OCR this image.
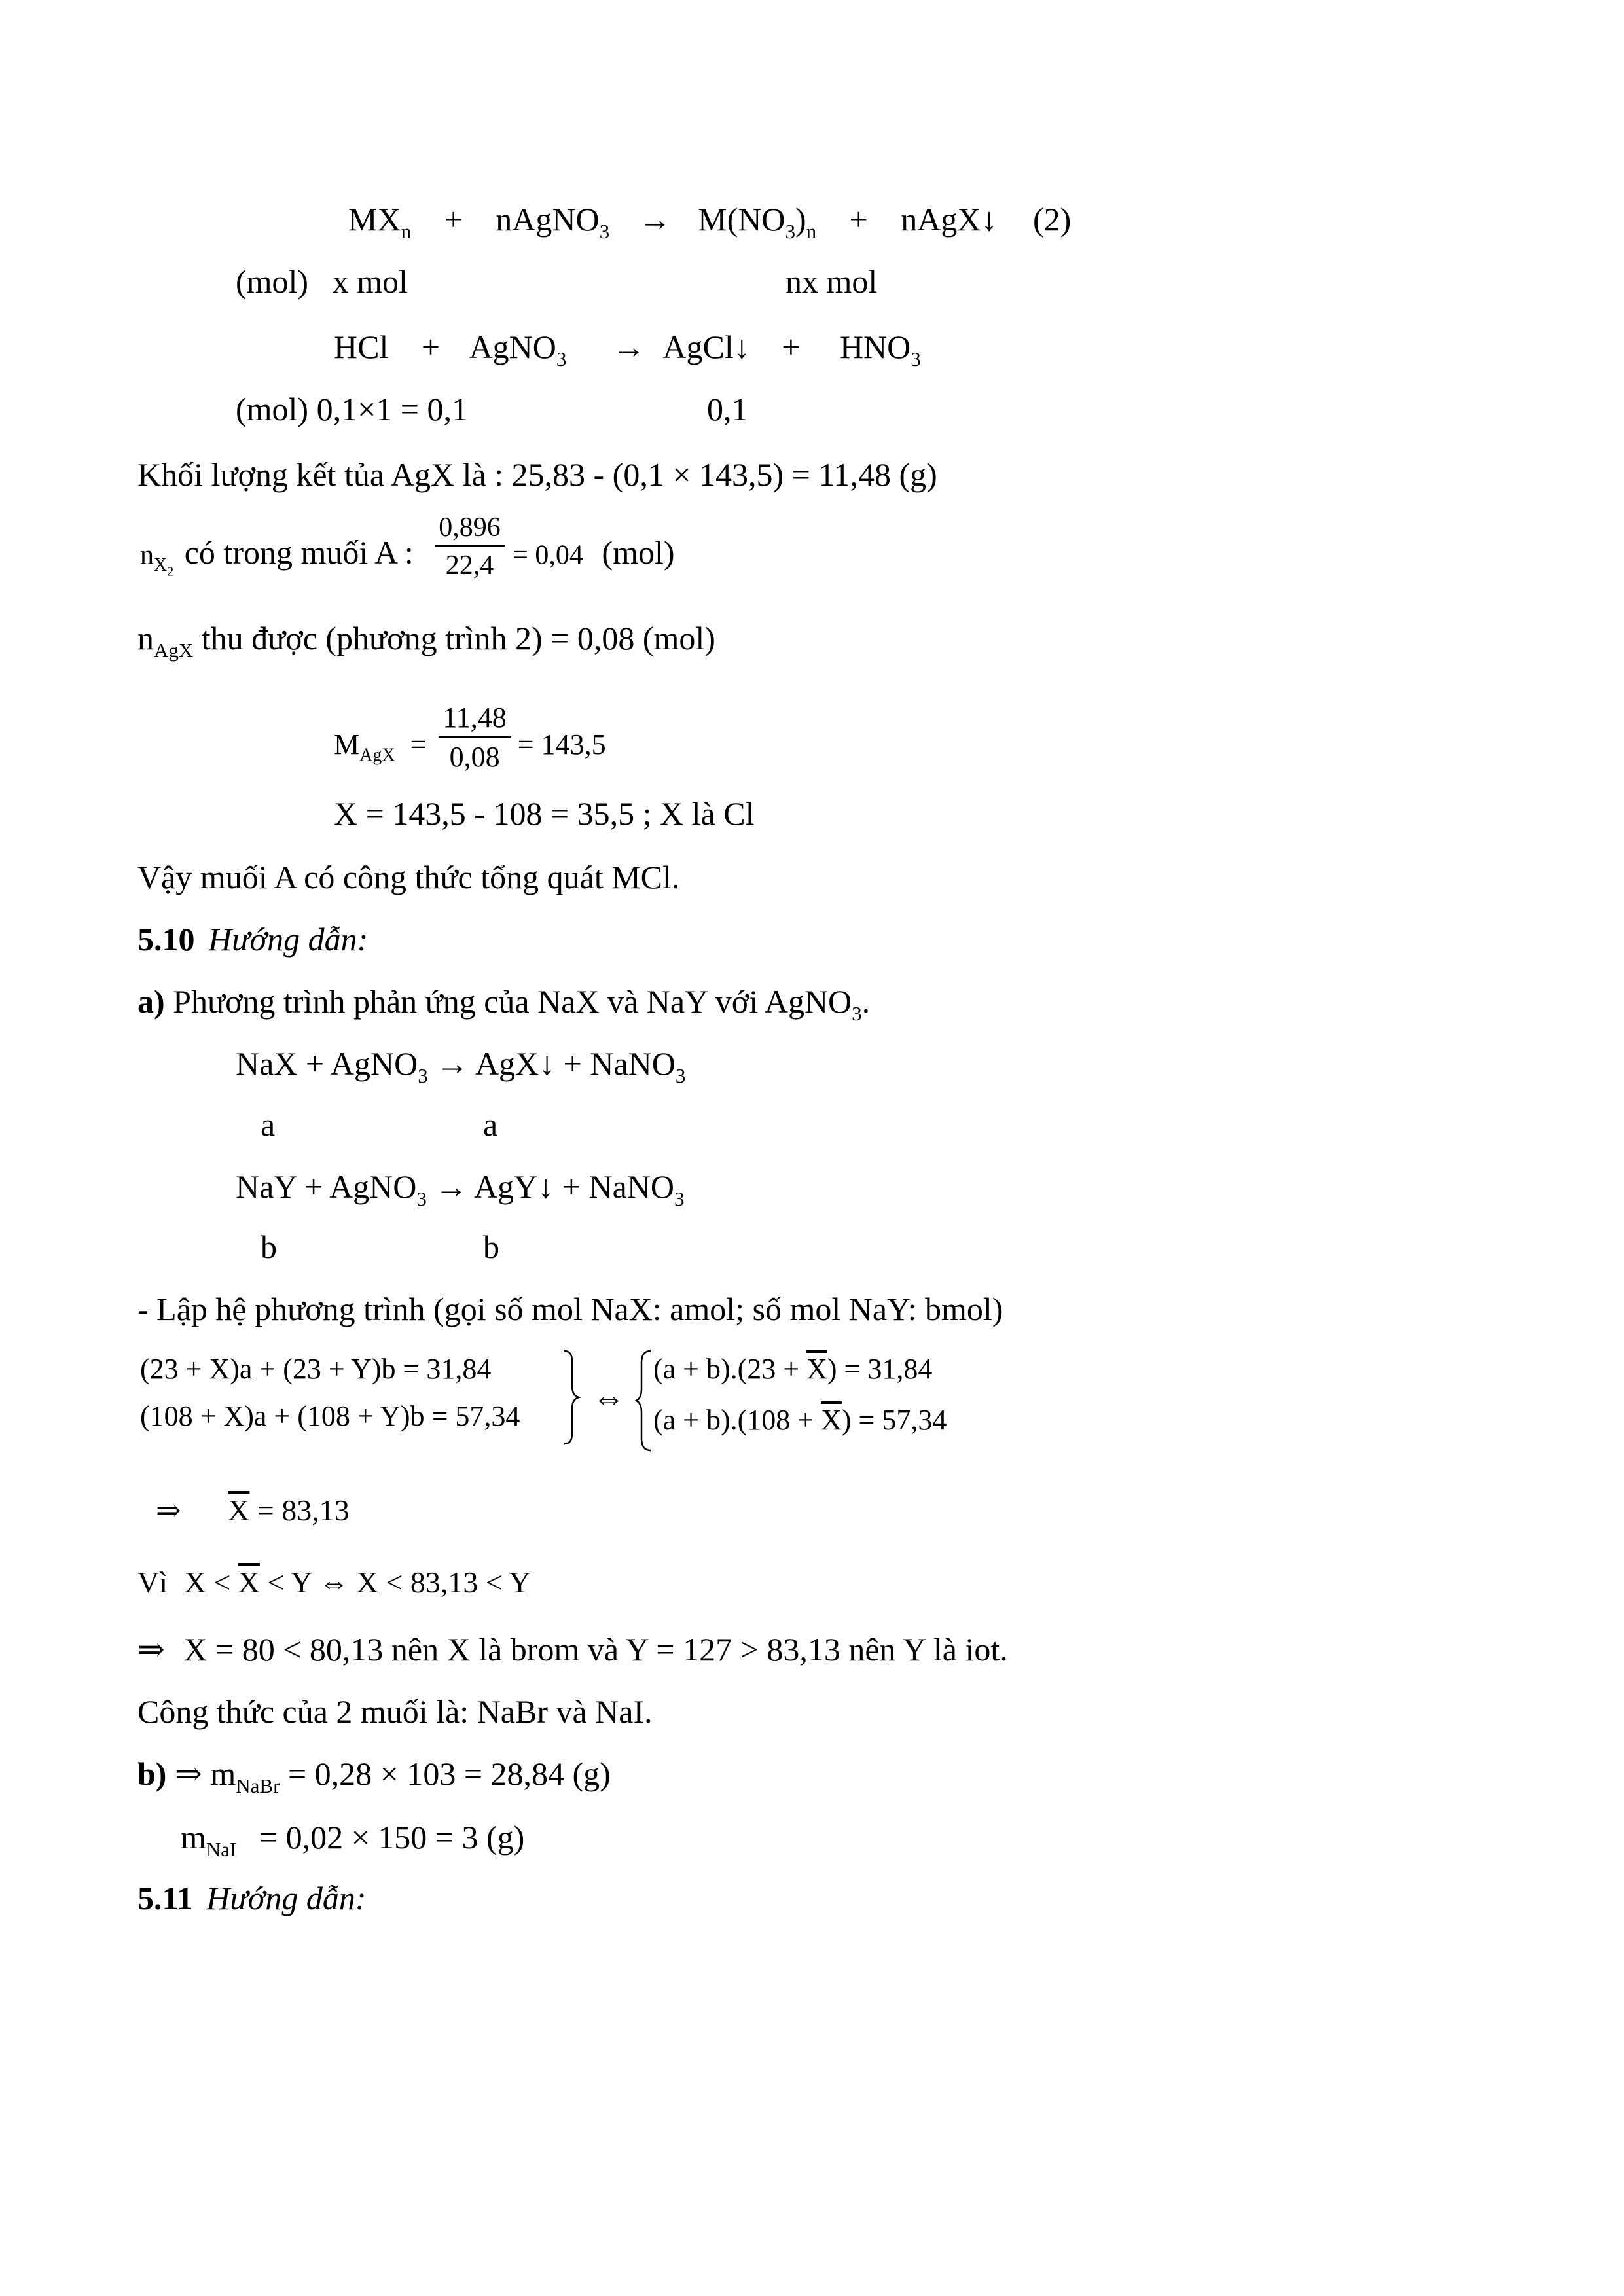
$MX_n$ + nAgNO$_3$ → $M(NO_3)_n$ + nAgX↓ (2)
(mol) x mol	nx mol
HCl + AgNO$_3$ → AgCl↓ + $HNO_3$
(mol) 0,1×1 = 0,1	0,1
Khối lượng kết tủa AgX là : 25,83 - (0,1 × 143,5) = 11,48 (g)
$n_{X_2}$ có trong muối A : $\frac{0,896}{22,4} = 0,04$ (mol)
$n_{AgX}$ thu được (phương trình 2) = 0,08 (mol)
$M_{AgX} = \frac{11,48}{0,08} = 143,5$
X = 143,5 - 108 = 35,5 ; X là Cl
Vậy muối A có công thức tổng quát MCl.
5.10 Hướng dẫn:
a) Phương trình phản ứng của NaX và NaY với AgNO$_3$.
NaX + AgNO$_3$ → AgX↓ + NaNO$_3$
a	a
NaY + AgNO$_3$ → AgY↓ + NaNO$_3$
b	b
- Lập hệ phương trình (gọi số mol NaX: amol; số mol NaY: bmol)
(23 + X)a + (23 + Y)b = 31,84
(108 + X)a + (108 + Y)b = 57,34
⇔
$(a + b).(23 + \overline{X}) = 31,84$
$(a + b).(108 + \overline{X}) = 57,34$
⇒ $\overline{X} = 83,13$
Vì $X < \overline{X} < Y$ ⇔ X < 83,13 < Y
⇒ X = 80 < 80,13 nên X là brom và Y = 127 > 83,13 nên Y là iot.
Công thức của 2 muối là: NaBr và NaI.
b) ⇒ $m_{NaBr} = 0,28 \times 103 = 28,84$ (g)
$m_{NaI} = 0,02 \times 150 = 3$ (g)
5.11 Hướng dẫn:
